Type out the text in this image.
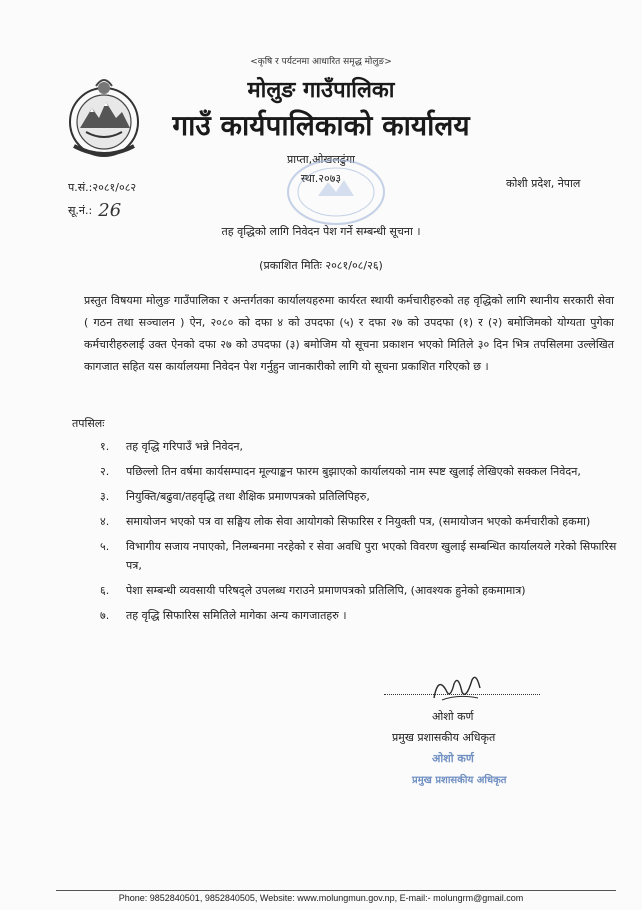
<कृषि र पर्यटनमा आधारित समृद्ध मोलुङ>
मोलुङ गाउँपालिका
गाउँ कार्यपालिकाको कार्यालय
प्राप्ता,ओखलढुंगा
स्था.२०७३	कोशी प्रदेश, नेपाल
प.सं.:२०८१/०८२
सू.नं.: 26
तह वृद्धिको लागि निवेदन पेश गर्ने सम्बन्धी सूचना ।
(प्रकाशित मितिः २०८१/०८/२६)
प्रस्तुत विषयमा मोलुङ गाउँपालिका र अन्तर्गतका कार्यालयहरुमा कार्यरत स्थायी कर्मचारीहरुको तह वृद्धिको लागि स्थानीय सरकारी सेवा ( गठन तथा सञ्चालन ) ऐन, २०८० को दफा ४ को उपदफा (५) र दफा २७ को उपदफा (१) र (२) बमोजिमको योग्यता पुगेका कर्मचारीहरुलाई उक्त ऐनको दफा २७ को उपदफा (३) बमोजिम यो सूचना प्रकाशन भएको मितिले ३० दिन भित्र तपसिलमा उल्लेखित कागजात सहित यस कार्यालयमा निवेदन पेश गर्नुहुन जानकारीको लागि यो सूचना प्रकाशित गरिएको छ ।
तपसिलः
१. तह वृद्धि गरिपाउँ भन्ने निवेदन,
२. पछिल्लो तिन वर्षमा कार्यसम्पादन मूल्याङ्कन फारम बुझाएको कार्यालयको नाम स्पष्ट खुलाई लेखिएको सक्कल निवेदन,
३. नियुक्ति/बढुवा/तहवृद्धि तथा शैक्षिक प्रमाणपत्रको प्रतिलिपिहरु,
४. समायोजन भएको पत्र वा सङ्घिय लोक सेवा आयोगको सिफारिस र नियुक्ती पत्र, (समायोजन भएको कर्मचारीको हकमा)
५. विभागीय सजाय नपाएको, निलम्बनमा नरहेको र सेवा अवधि पुरा भएको विवरण खुलाई सम्बन्धित कार्यालयले गरेको सिफारिस पत्र,
६. पेशा सम्बन्धी व्यवसायी परिषद्ले उपलब्ध गराउने प्रमाणपत्रको प्रतिलिपि, (आवश्यक हुनेको हकमामात्र)
७. तह वृद्धि सिफारिस समितिले मागेका अन्य कागजातहरु ।
ओशो कर्ण
प्रमुख प्रशासकीय अधिकृत
ओशो कर्ण
प्रमुख प्रशासकीय अधिकृत
Phone: 9852840501, 9852840505, Website: www.molungmun.gov.np, E-mail:- molungrm@gmail.com
